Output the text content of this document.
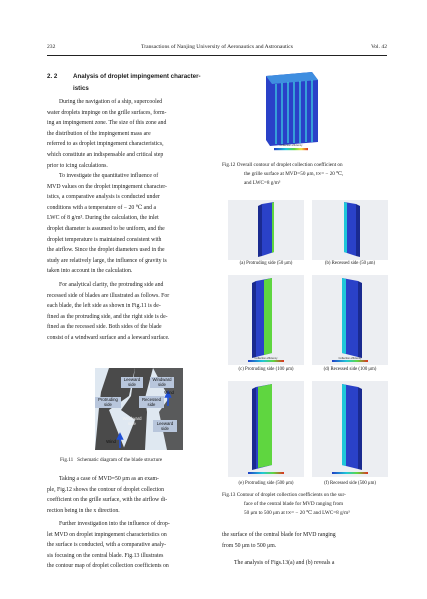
232	Transactions of Nanjing University of Aeronautics and Astronautics	Vol. 42
2. 2	Analysis of droplet impingement character-
istics
During the navigation of a ship, supercooled
water droplets impinge on the grille surfaces, form-
ing an impingement zone. The size of this zone and
the distribution of the impingement mass are
referred to as droplet impingement characteristics,
which constitute an indispensable and critical step
prior to icing calculations.
To investigate the quantitative influence of
MVD values on the droplet impingement character-
istics, a comparative analysis is conducted under
conditions with a temperature of − 20 ℃ and a
LWC of 8 g/m³. During the calculation, the inlet
droplet diameter is assumed to be uniform, and the
droplet temperature is maintained consistent with
the airflow. Since the droplet diameters used in the
study are relatively large, the influence of gravity is
taken into account in the calculation.
For analytical clarity, the protruding side and
recessed side of blades are illustrated as follows. For
each blade, the left side as shown in Fig.11 is de-
fined as the protruding side, and the right side is de-
fined as the recessed side. Both sides of the blade
consist of a windward surface and a leeward surface.
Leeward
side
Windward
side
Wind
Protruding
side
Recessed
side
Windward
side	Leeward
side
Wind
Fig.11 Schematic diagram of the blade structure
Taking a case of MVD=50 μm as an exam-
ple, Fig.12 shows the contour of droplet collection
coefficient on the grille surface, with the airflow di-
rection being in the x direction.
Further investigation into the influence of drop-
let MVD on droplet impingement characteristics on
the surface is conducted, with a comparative analy-
sis focusing on the central blade. Fig.13 illustrates
the contour map of droplet collection coefficients on
Collection efficiency
Fig.12 Overall contour of droplet collection coefficient on
the grille surface at MVD=50 μm, t∞= − 20 ℃,
and LWC=8 g/m³
(a) Protruding side (50 μm)	(b) Recessed side (50 μm)
Collection efficiency
(c) Protruding side (100 μm)
Collection efficiency
(d) Recessed side (100 μm)
(e) Protruding side (500 μm)	(f) Recessed side (500 μm)
Fig.13 Contour of droplet collection coefficients on the sur-
face of the central blade for MVD ranging from
50 μm to 500 μm at t∞= − 20 ℃ and LWC=8 g/m³
the surface of the central blade for MVD ranging
from 50 μm to 500 μm.
The analysis of Figs.13(a) and (b) reveals a
